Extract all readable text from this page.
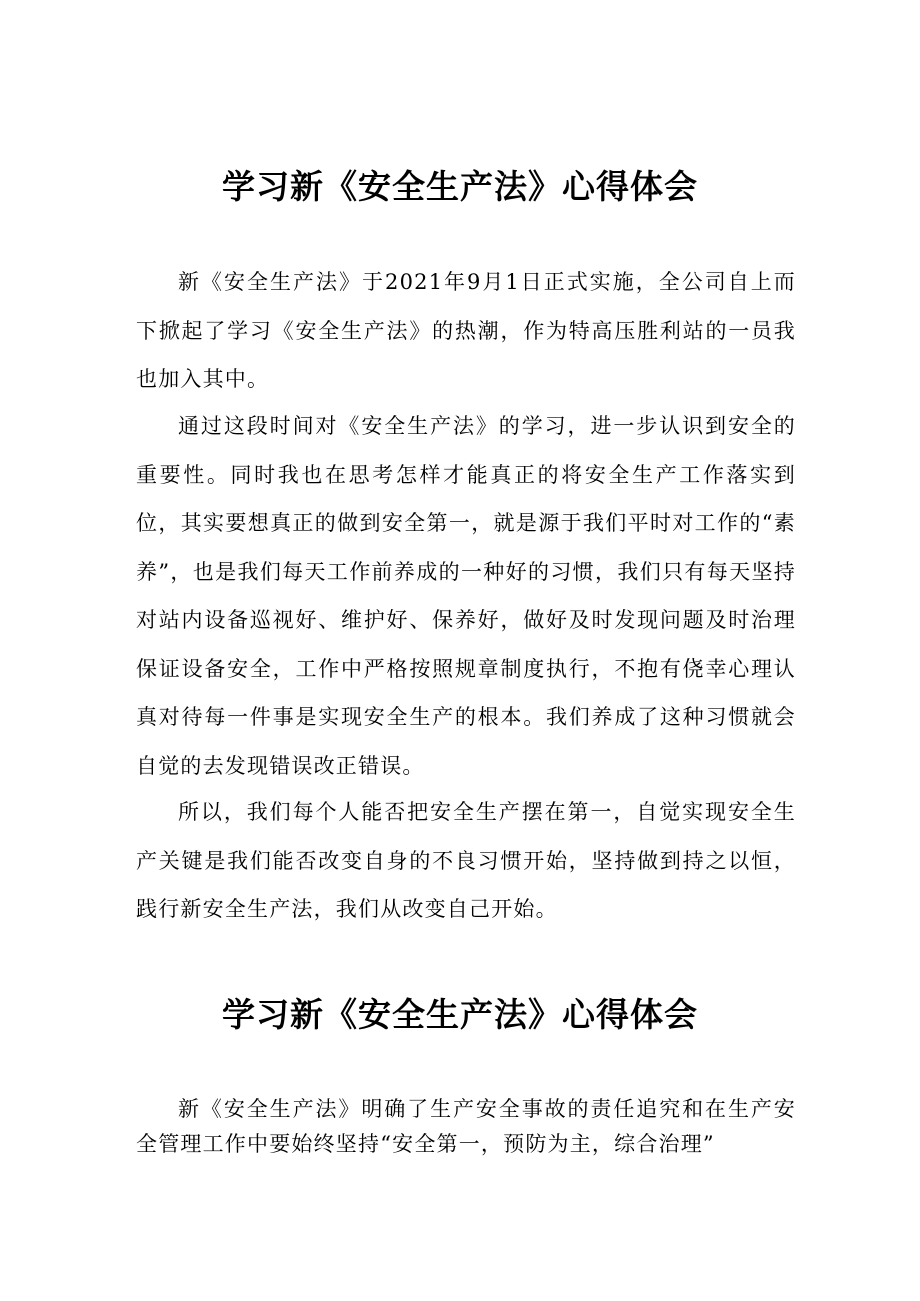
学习新《安全生产法》心得体会

新《安全生产法》于2021年9月1日正式实施，全公司自上而下掀起了学习《安全生产法》的热潮，作为特高压胜利站的一员我也加入其中。

通过这段时间对《安全生产法》的学习，进一步认识到安全的重要性。同时我也在思考怎样才能真正的将安全生产工作落实到位，其实要想真正的做到安全第一，就是源于我们平时对工作的“素养”，也是我们每天工作前养成的一种好的习惯，我们只有每天坚持对站内设备巡视好、维护好、保养好，做好及时发现问题及时治理保证设备安全，工作中严格按照规章制度执行，不抱有侥幸心理认真对待每一件事是实现安全生产的根本。我们养成了这种习惯就会自觉的去发现错误改正错误。

所以，我们每个人能否把安全生产摆在第一，自觉实现安全生产关键是我们能否改变自身的不良习惯开始，坚持做到持之以恒，践行新安全生产法，我们从改变自己开始。

学习新《安全生产法》心得体会

新《安全生产法》明确了生产安全事故的责任追究和在生产安全管理工作中要始终坚持“安全第一，预防为主，综合治理”
